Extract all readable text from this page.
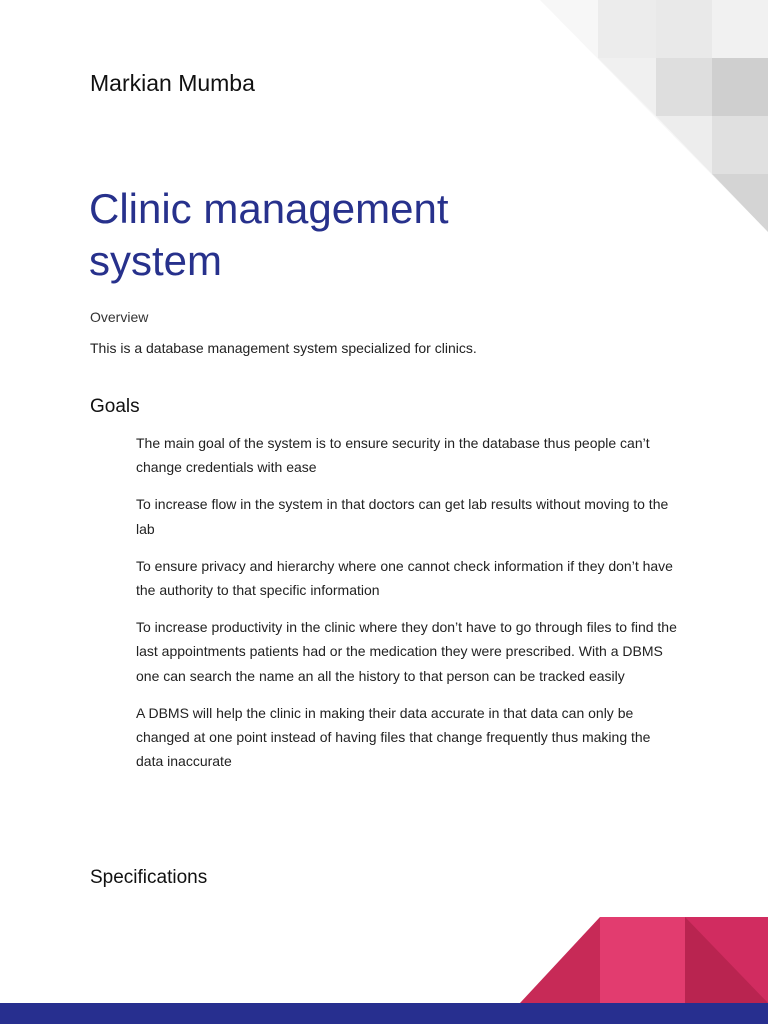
Markian Mumba
Clinic management system
Overview
This is a database management system specialized for clinics.
Goals
The main goal of the system is to ensure security in the database thus people can’t change credentials with ease
To increase flow in the system in that doctors can get lab results without moving to the lab
To ensure privacy and hierarchy where one cannot check information if they don’t have the authority to that specific information
To increase productivity in the clinic where they don’t have to go through files to find the last appointments patients had or the medication they were prescribed. With a DBMS one can search the name an all the history to that person can be tracked easily
A DBMS will help the clinic in making their data accurate in that data can only be changed at one point instead of having files that change frequently thus making the data inaccurate
Specifications
